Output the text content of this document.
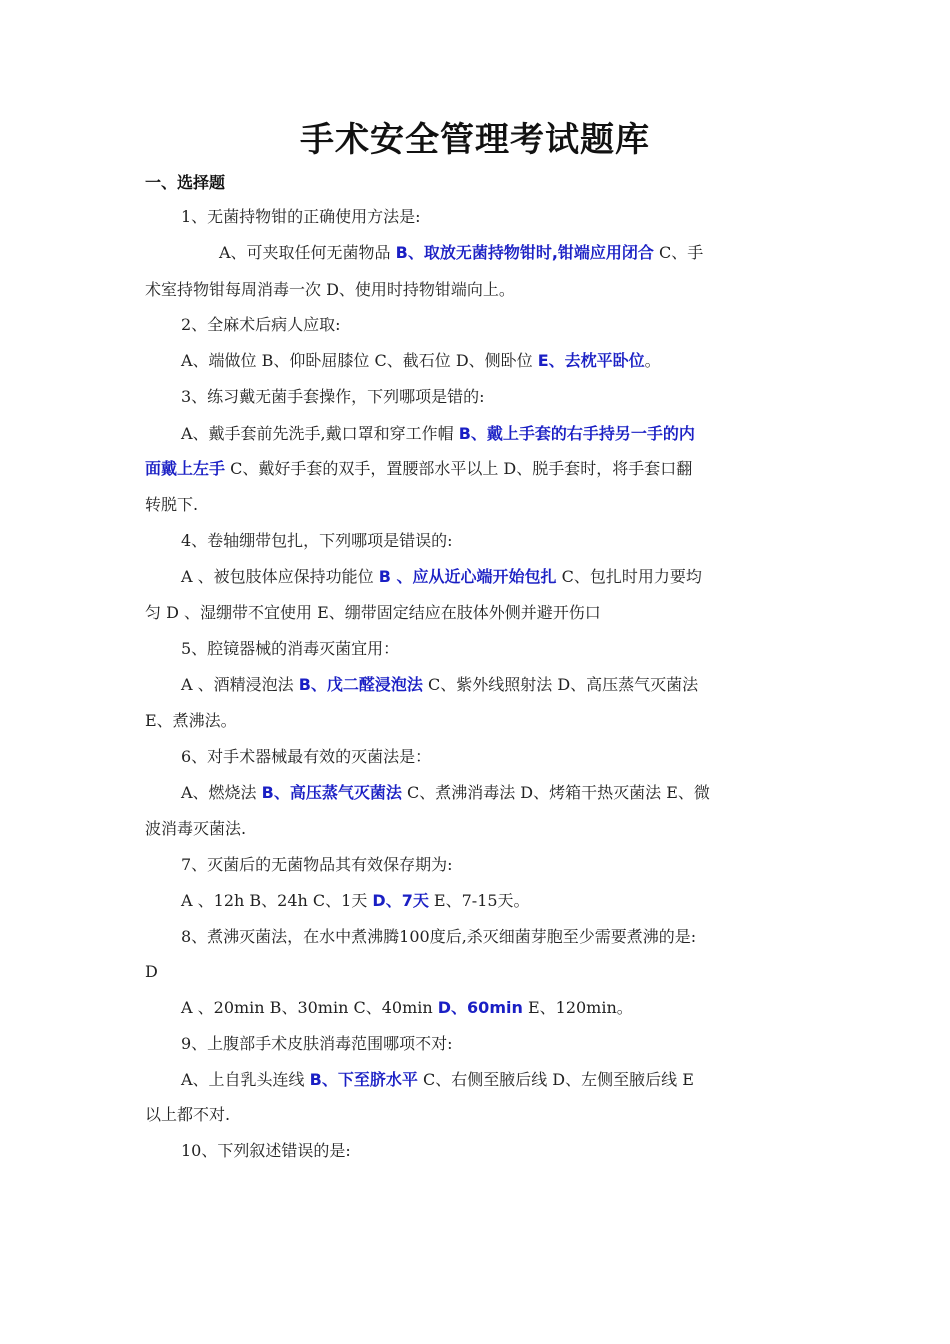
手术安全管理考试题库
一、选择题
1、无菌持物钳的正确使用方法是:
A、可夹取任何无菌物品 B、取放无菌持物钳时,钳端应用闭合 C、手
术室持物钳每周消毒一次 D、使用时持物钳端向上。
2、全麻术后病人应取:
A、端做位 B、仰卧屈膝位 C、截石位 D、侧卧位 E、去枕平卧位。
3、练习戴无菌手套操作，下列哪项是错的:
A、戴手套前先洗手,戴口罩和穿工作帽 B、戴上手套的右手持另一手的内
面戴上左手 C、戴好手套的双手，置腰部水平以上 D、脱手套时，将手套口翻
转脱下.
4、卷轴绷带包扎，下列哪项是错误的:
A 、被包肢体应保持功能位 B 、应从近心端开始包扎 C、包扎时用力要均
匀 D 、湿绷带不宜使用 E、绷带固定结应在肢体外侧并避开伤口
5、腔镜器械的消毒灭菌宜用：
A 、酒精浸泡法 B、戊二醛浸泡法 C、紫外线照射法 D、高压蒸气灭菌法
E、煮沸法。
6、对手术器械最有效的灭菌法是：
A、燃烧法 B、高压蒸气灭菌法 C、煮沸消毒法 D、烤箱干热灭菌法 E、微
波消毒灭菌法.
7、灭菌后的无菌物品其有效保存期为:
A 、12h B、24h C、1天 D、7天 E、7-15天。
8、煮沸灭菌法，在水中煮沸腾100度后,杀灭细菌芽胞至少需要煮沸的是:
D
A 、20min B、30min C、40min D、60min E、120min。
9、上腹部手术皮肤消毒范围哪项不对:
A、上自乳头连线 B、下至脐水平 C、右侧至腋后线 D、左侧至腋后线 E
以上都不对.
10、下列叙述错误的是:
